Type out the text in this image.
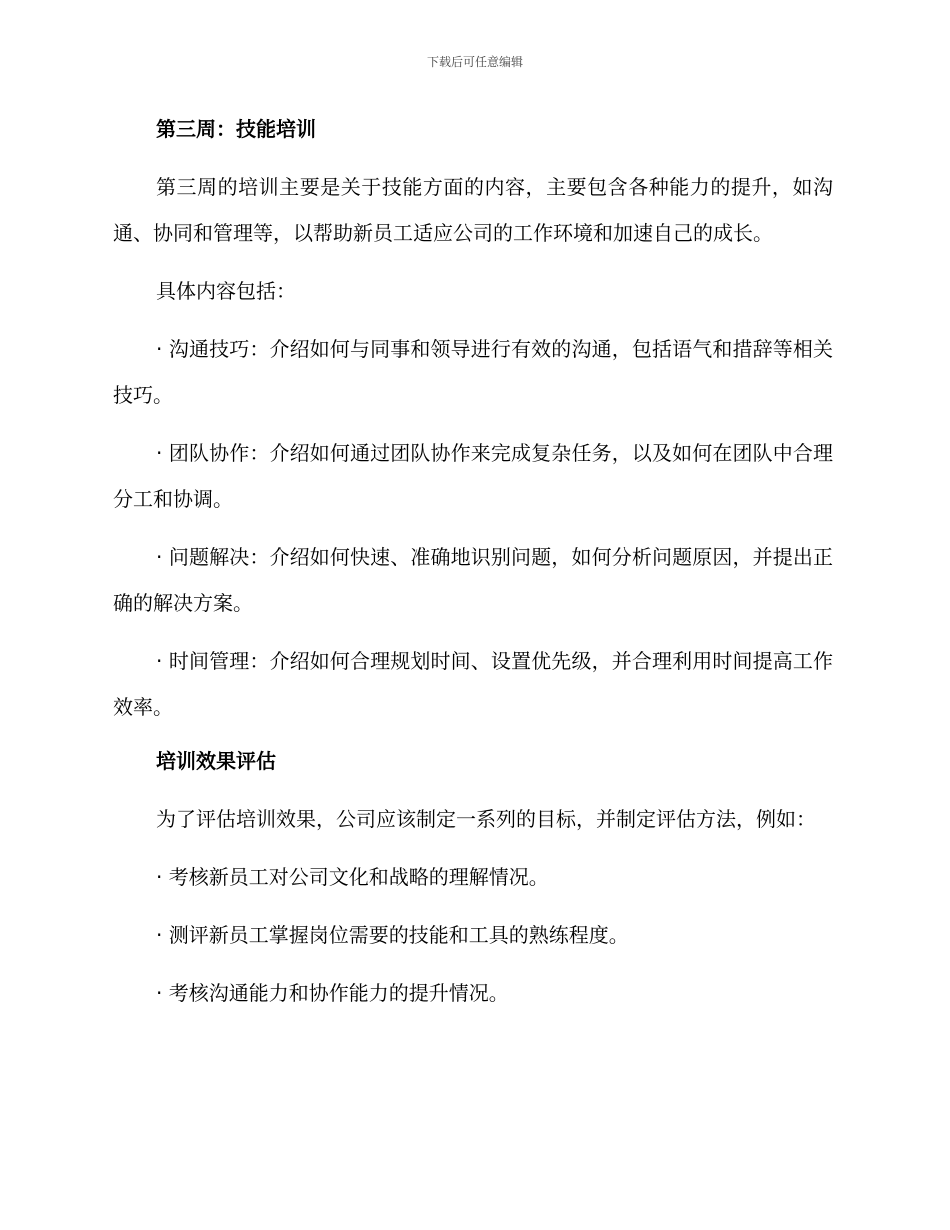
下载后可任意编辑
第三周：技能培训
第三周的培训主要是关于技能方面的内容，主要包含各种能力的提升，如沟通、协同和管理等，以帮助新员工适应公司的工作环境和加速自己的成长。
具体内容包括：
· 沟通技巧：介绍如何与同事和领导进行有效的沟通，包括语气和措辞等相关技巧。
· 团队协作：介绍如何通过团队协作来完成复杂任务，以及如何在团队中合理分工和协调。
· 问题解决：介绍如何快速、准确地识别问题，如何分析问题原因，并提出正确的解决方案。
· 时间管理：介绍如何合理规划时间、设置优先级，并合理利用时间提高工作效率。
培训效果评估
为了评估培训效果，公司应该制定一系列的目标，并制定评估方法，例如：
· 考核新员工对公司文化和战略的理解情况。
· 测评新员工掌握岗位需要的技能和工具的熟练程度。
· 考核沟通能力和协作能力的提升情况。
